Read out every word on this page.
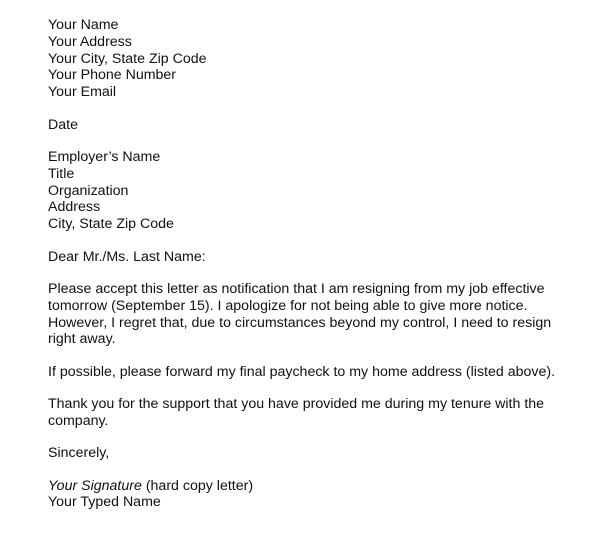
Your Name
Your Address
Your City, State Zip Code
Your Phone Number
Your Email
Date
Employer’s Name
Title
Organization
Address
City, State Zip Code
Dear Mr./Ms. Last Name:
Please accept this letter as notification that I am resigning from my job effective tomorrow (September 15). I apologize for not being able to give more notice. However, I regret that, due to circumstances beyond my control, I need to resign right away.
If possible, please forward my final paycheck to my home address (listed above).
Thank you for the support that you have provided me during my tenure with the company.
Sincerely,
Your Signature (hard copy letter)
Your Typed Name
